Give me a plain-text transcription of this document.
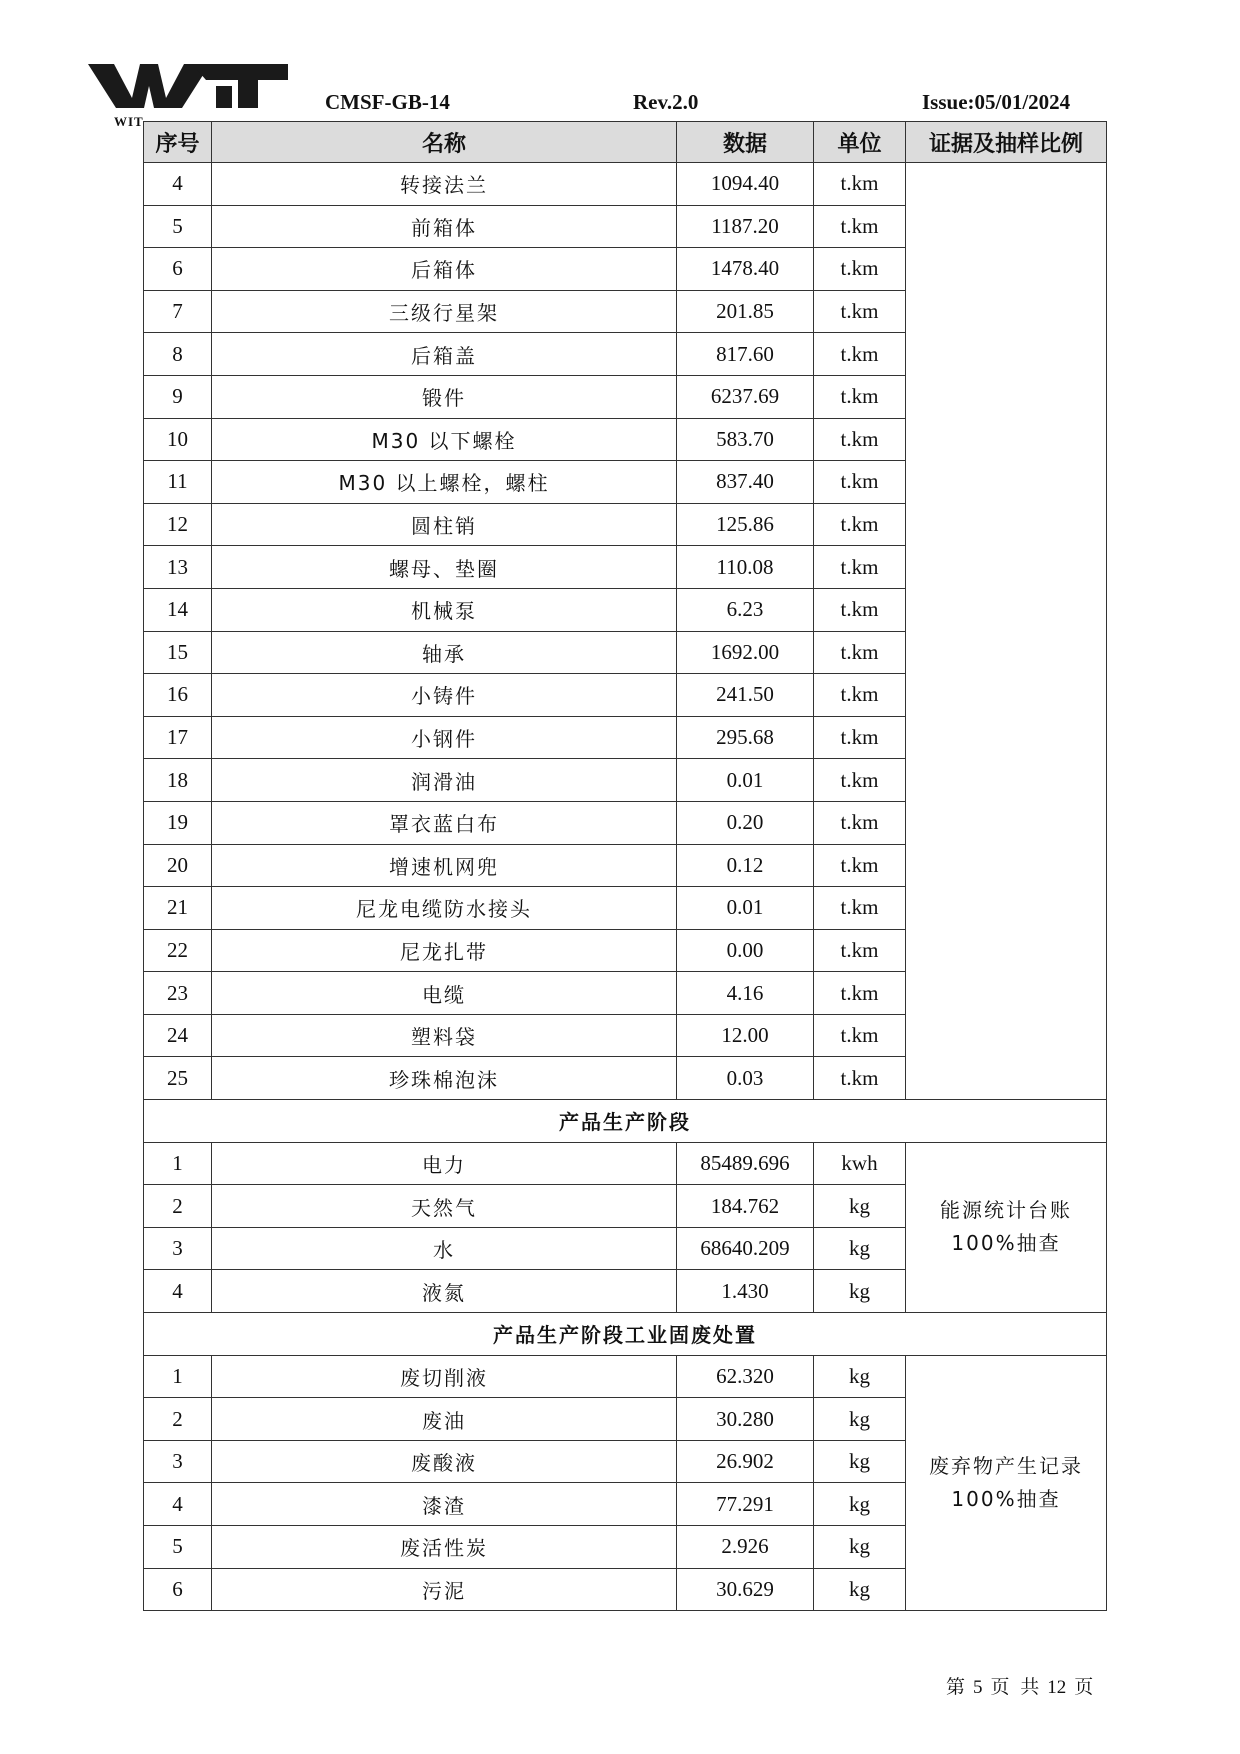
WIT
CMSF-GB-14	Rev.2.0	Issue:05/01/2024
序号	名称	数据	单位	证据及抽样比例
4	转接法兰	1094.40	t.km	
5	前箱体	1187.20	t.km	
6	后箱体	1478.40	t.km	
7	三级行星架	201.85	t.km	
8	后箱盖	817.60	t.km	
9	锻件	6237.69	t.km	
10	M30 以下螺栓	583.70	t.km	
11	M30 以上螺栓，螺柱	837.40	t.km	
12	圆柱销	125.86	t.km	
13	螺母、垫圈	110.08	t.km	
14	机械泵	6.23	t.km	
15	轴承	1692.00	t.km	
16	小铸件	241.50	t.km	
17	小钢件	295.68	t.km	
18	润滑油	0.01	t.km	
19	罩衣蓝白布	0.20	t.km	
20	增速机网兜	0.12	t.km	
21	尼龙电缆防水接头	0.01	t.km	
22	尼龙扎带	0.00	t.km	
23	电缆	4.16	t.km	
24	塑料袋	12.00	t.km	
25	珍珠棉泡沫	0.03	t.km	
产品生产阶段				
1	电力	85489.696	kwh	能源统计台账
100%抽查

2	天然气	184.762	kg	
3	水	68640.209	kg	
4	液氮	1.430	kg	
产品生产阶段工业固废处置				
1	废切削液	62.320	kg	废弃物产生记录
100%抽查

2	废油	30.280	kg	
3	废酸液	26.902	kg	
4	漆渣	77.291	kg	
5	废活性炭	2.926	kg	
6	污泥	30.629	kg	
第 5 页 共 12 页
